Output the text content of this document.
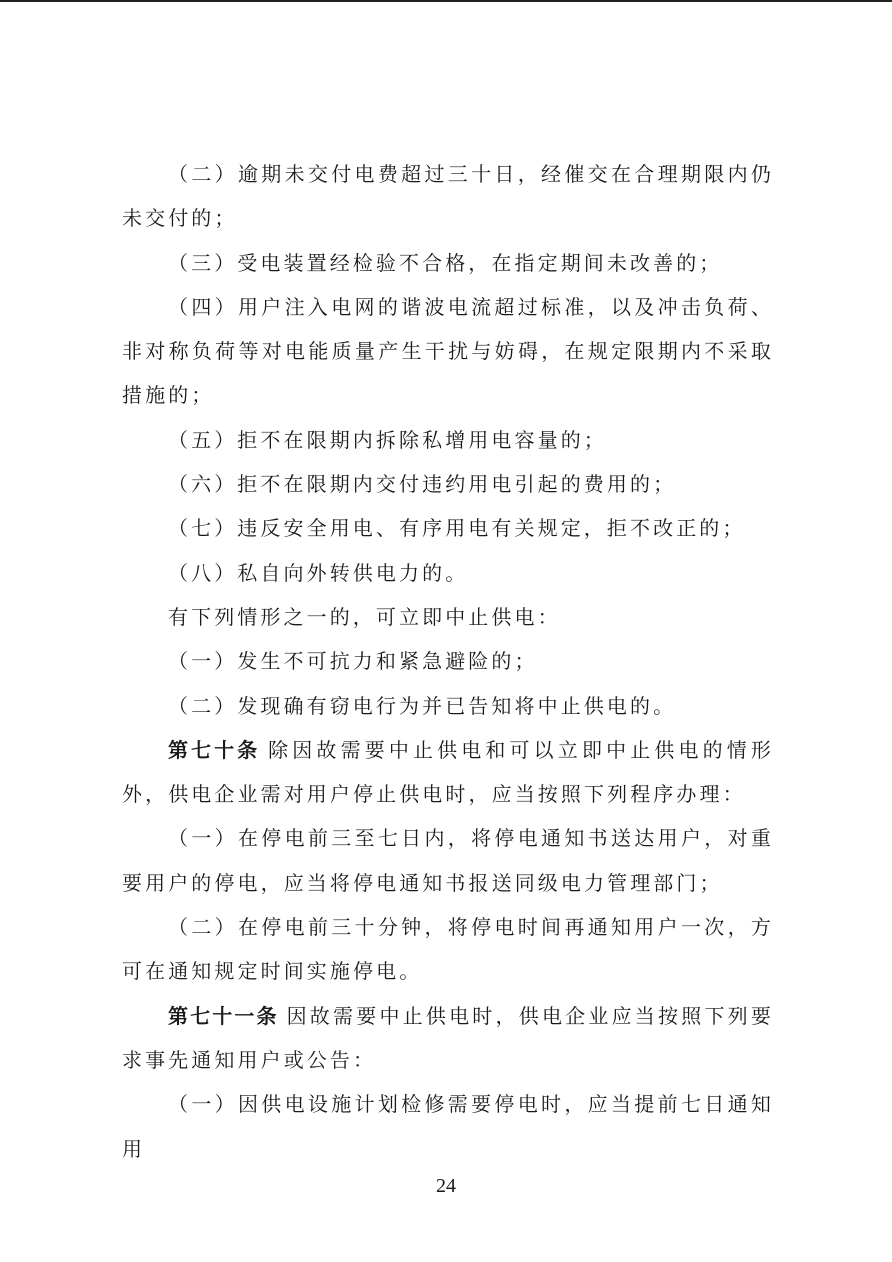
（二）逾期未交付电费超过三十日，经催交在合理期限内仍未交付的；

（三）受电装置经检验不合格，在指定期间未改善的；

（四）用户注入电网的谐波电流超过标准，以及冲击负荷、非对称负荷等对电能质量产生干扰与妨碍，在规定限期内不采取措施的；

（五）拒不在限期内拆除私增用电容量的；

（六）拒不在限期内交付违约用电引起的费用的；

（七）违反安全用电、有序用电有关规定，拒不改正的；

（八）私自向外转供电力的。

有下列情形之一的，可立即中止供电：

（一）发生不可抗力和紧急避险的；

（二）发现确有窃电行为并已告知将中止供电的。

第七十条 除因故需要中止供电和可以立即中止供电的情形外，供电企业需对用户停止供电时，应当按照下列程序办理：

（一）在停电前三至七日内，将停电通知书送达用户，对重要用户的停电，应当将停电通知书报送同级电力管理部门；

（二）在停电前三十分钟，将停电时间再通知用户一次，方可在通知规定时间实施停电。

第七十一条 因故需要中止供电时，供电企业应当按照下列要求事先通知用户或公告：

（一）因供电设施计划检修需要停电时，应当提前七日通知用

24
